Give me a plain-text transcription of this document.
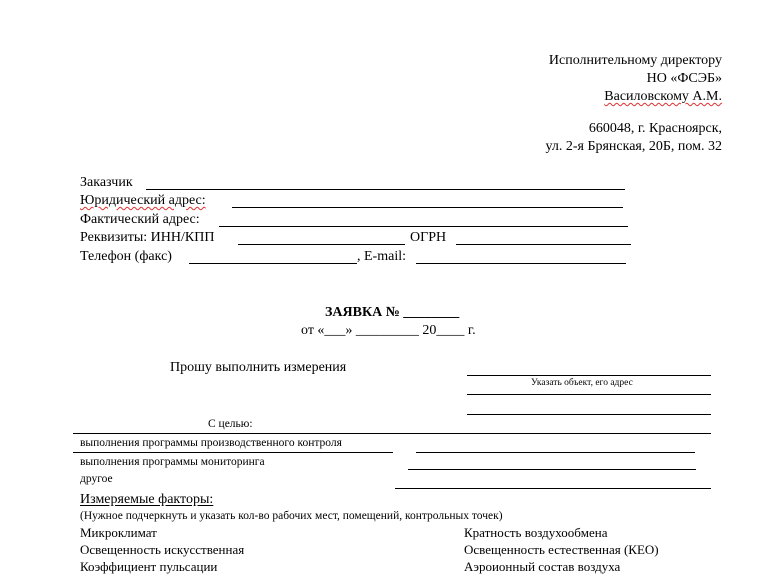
Исполнительному директору
НО «ФСЭБ»
Василовскому А.М.
660048, г. Красноярск,
ул. 2-я Брянская, 20Б, пом. 32
Заказчик
Юридический адрес:
Фактический адрес:
Реквизиты: ИНН/КПП	ОГРН
Телефон (факс)	, E-mail:
ЗАЯВКА № ________
от «___» _________ 20____ г.
Прошу выполнить измерения
Указать объект, его адрес
С целью:
выполнения программы производственного контроля
выполнения программы мониторинга
другое
Измеряемые факторы:
(Нужное подчеркнуть и указать кол-во рабочих мест, помещений, контрольных точек)
Микроклимат
Освещенность искусственная
Коэффициент пульсации
Кратность воздухообмена
Освещенность естественная (КЕО)
Аэроионный состав воздуха
